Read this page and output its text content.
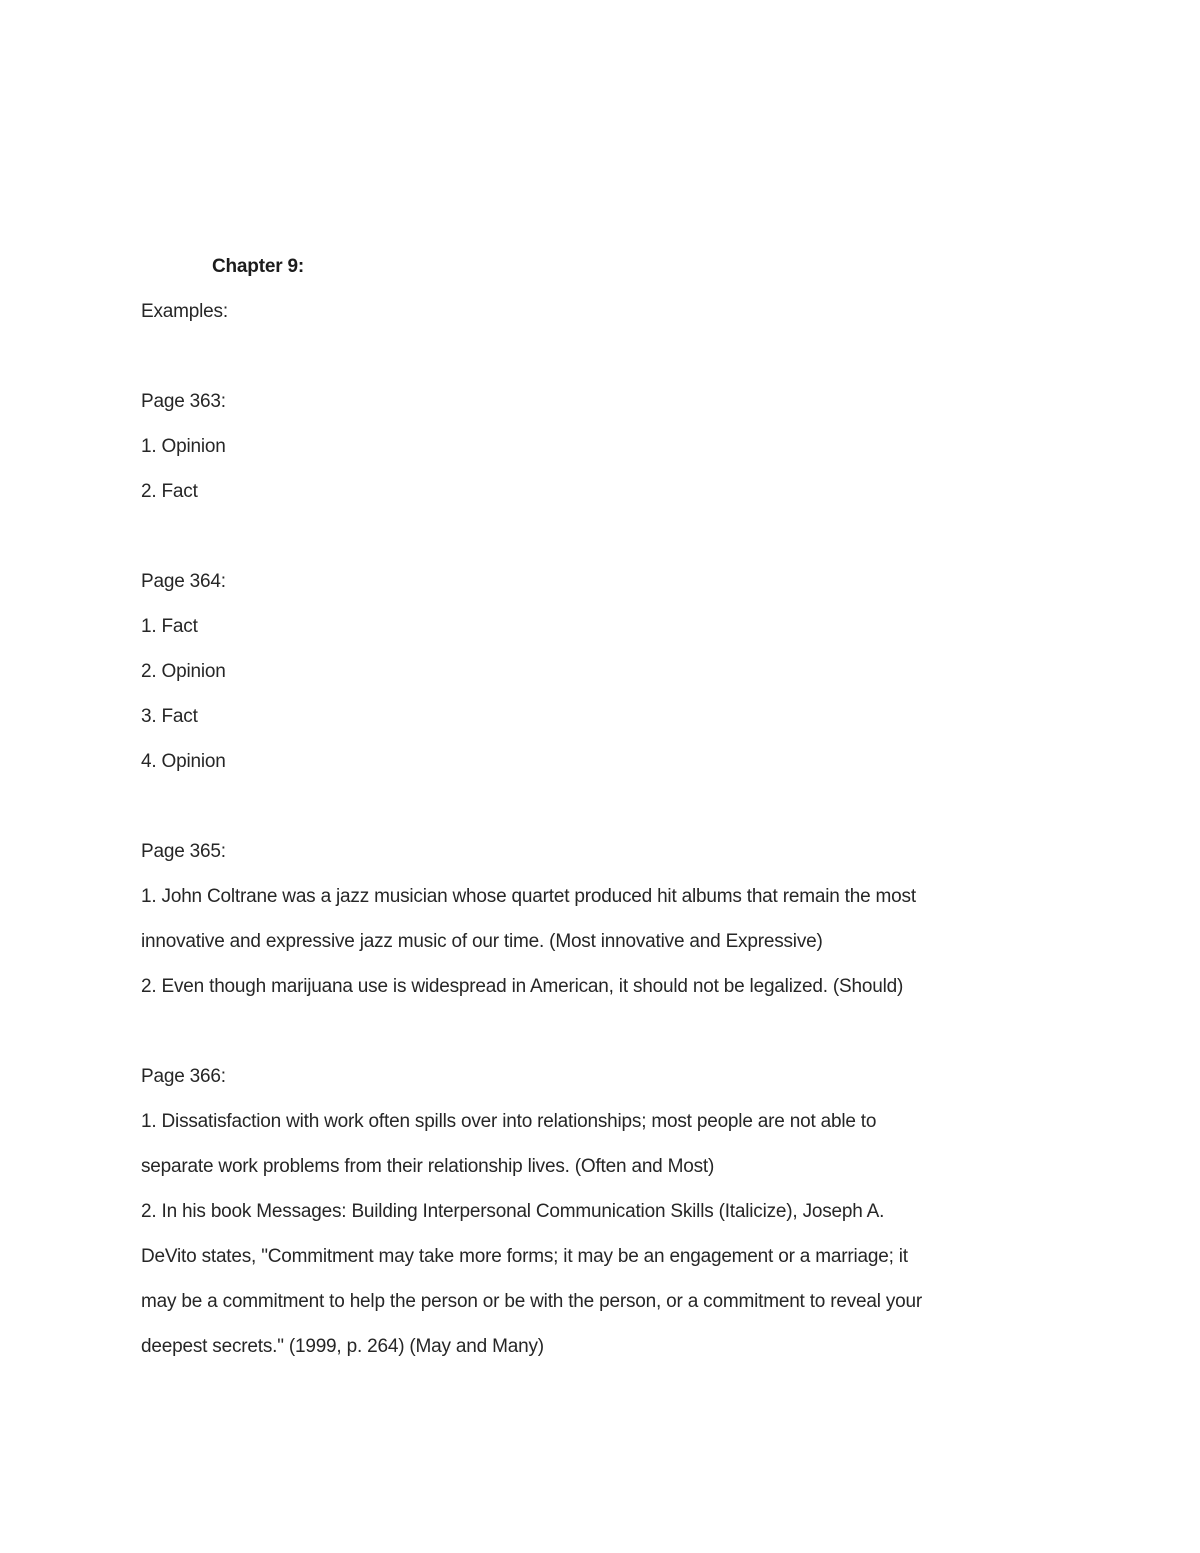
Chapter 9:
Examples:
Page 363:
1. Opinion
2. Fact
Page 364:
1. Fact
2. Opinion
3. Fact
4. Opinion
Page 365:
1. John Coltrane was a jazz musician whose quartet produced hit albums that remain the most
innovative and expressive jazz music of our time. (Most innovative and Expressive)
2. Even though marijuana use is widespread in American, it should not be legalized. (Should)
Page 366:
1. Dissatisfaction with work often spills over into relationships; most people are not able to
separate work problems from their relationship lives. (Often and Most)
2. In his book Messages: Building Interpersonal Communication Skills (Italicize), Joseph A.
DeVito states, "Commitment may take more forms; it may be an engagement or a marriage; it
may be a commitment to help the person or be with the person, or a commitment to reveal your
deepest secrets." (1999, p. 264) (May and Many)
